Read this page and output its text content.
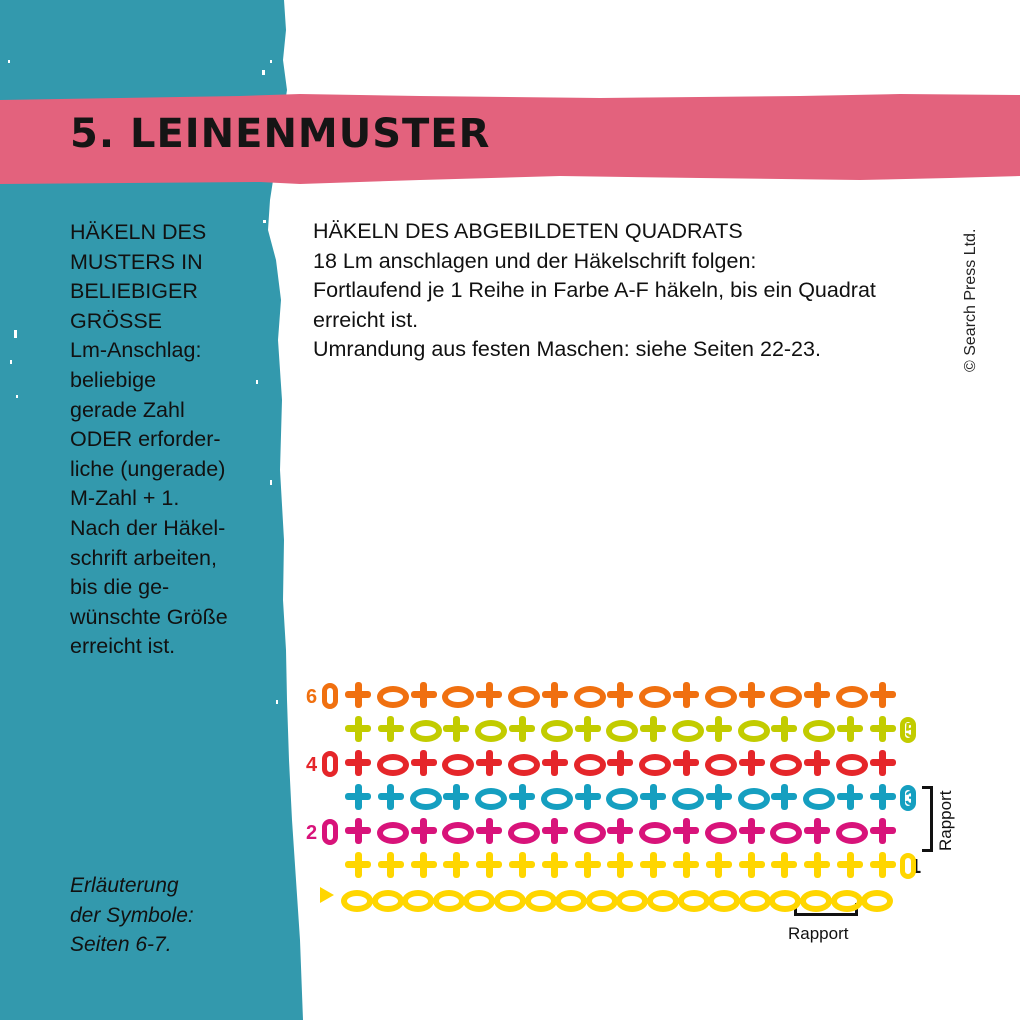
5. LEINENMUSTER

HÄKELN DES

MUSTERS IN

BELIEBIGER

GRÖSSE

Lm-Anschlag:

beliebige

gerade Zahl

ODER erforder-

liche (ungerade)

M-Zahl + 1.

Nach der Häkel-

schrift arbeiten,

bis die ge-

wünschte Größe

erreicht ist.

Erläuterung

der Symbole:

Seiten 6-7.

HÄKELN DES ABGEBILDETEN QUADRATS

18 Lm anschlagen und der Häkelschrift folgen:

Fortlaufend je 1 Reihe in Farbe A-F häkeln, bis ein Quadrat

erreicht ist.

Umrandung aus festen Maschen: siehe Seiten 22-23.	© Search Press Ltd.
6
5
4
3
2
1
Rapport
Rapport
